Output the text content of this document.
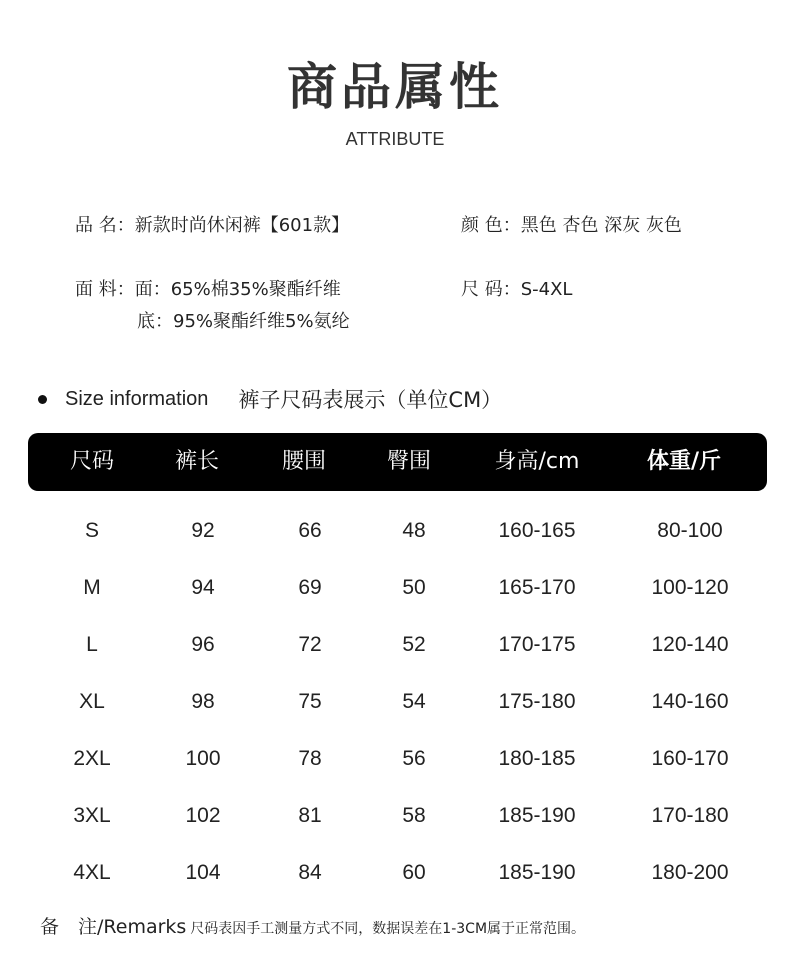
商品属性
ATTRIBUTE
品 名：新款时尚休闲裤【601款】	颜 色：黑色 杏色 深灰 灰色
面 料：面：65%棉35%聚酯纤维
底：95%聚酯纤维5%氨纶
尺 码：S-4XL
Size information 裤子尺码表展示（单位CM）
尺码	裤长	腰围	臀围	身高/cm	体重/斤
S	92	66	48	160-165	80-100
M	94	69	50	165-170	100-120
L	96	72	52	170-175	120-140
XL	98	75	54	175-180	140-160
2XL	100	78	56	180-185	160-170
3XL	102	81	58	185-190	170-180
4XL	104	84	60	185-190	180-200
备　注/Remarks 尺码表因手工测量方式不同，数据误差在1-3CM属于正常范围。
